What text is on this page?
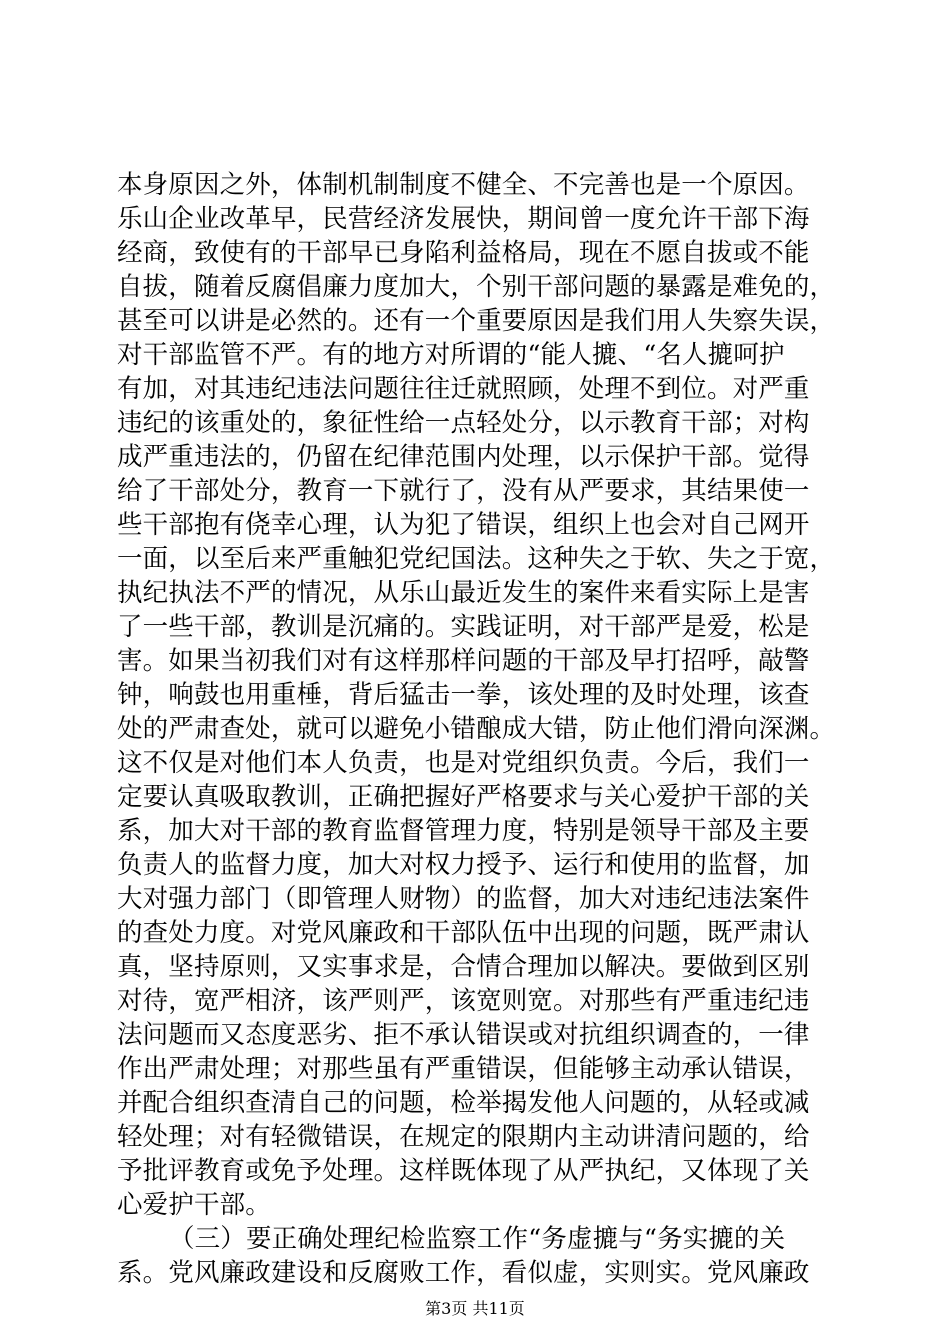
本身原因之外，体制机制制度不健全、不完善也是一个原因。
乐山企业改革早，民营经济发展快，期间曾一度允许干部下海
经商，致使有的干部早已身陷利益格局，现在不愿自拔或不能
自拔，随着反腐倡廉力度加大，个别干部问题的暴露是难免的，
甚至可以讲是必然的。还有一个重要原因是我们用人失察失误，
对干部监管不严。有的地方对所谓的“能人摝、“名人摝呵护
有加，对其违纪违法问题往往迁就照顾，处理不到位。对严重
违纪的该重处的，象征性给一点轻处分，以示教育干部；对构
成严重违法的，仍留在纪律范围内处理，以示保护干部。觉得
给了干部处分，教育一下就行了，没有从严要求，其结果使一
些干部抱有侥幸心理，认为犯了错误，组织上也会对自己网开
一面，以至后来严重触犯党纪国法。这种失之于软、失之于宽，
执纪执法不严的情况，从乐山最近发生的案件来看实际上是害
了一些干部，教训是沉痛的。实践证明，对干部严是爱，松是
害。如果当初我们对有这样那样问题的干部及早打招呼，敲警
钟，响鼓也用重棰，背后猛击一拳，该处理的及时处理，该查
处的严肃查处，就可以避免小错酿成大错，防止他们滑向深渊。
这不仅是对他们本人负责，也是对党组织负责。今后，我们一
定要认真吸取教训，正确把握好严格要求与关心爱护干部的关
系，加大对干部的教育监督管理力度，特别是领导干部及主要
负责人的监督力度，加大对权力授予、运行和使用的监督，加
大对强力部门（即管理人财物）的监督，加大对违纪违法案件
的查处力度。对党风廉政和干部队伍中出现的问题，既严肃认
真，坚持原则，又实事求是，合情合理加以解决。要做到区别
对待，宽严相济，该严则严，该宽则宽。对那些有严重违纪违
法问题而又态度恶劣、拒不承认错误或对抗组织调查的，一律
作出严肃处理；对那些虽有严重错误，但能够主动承认错误，
并配合组织查清自己的问题，检举揭发他人问题的，从轻或减
轻处理；对有轻微错误，在规定的限期内主动讲清问题的，给
予批评教育或免予处理。这样既体现了从严执纪，又体现了关
心爱护干部。
（三）要正确处理纪检监察工作“务虚摝与“务实摝的关
系。党风廉政建设和反腐败工作，看似虚，实则实。党风廉政
第3页 共11页
